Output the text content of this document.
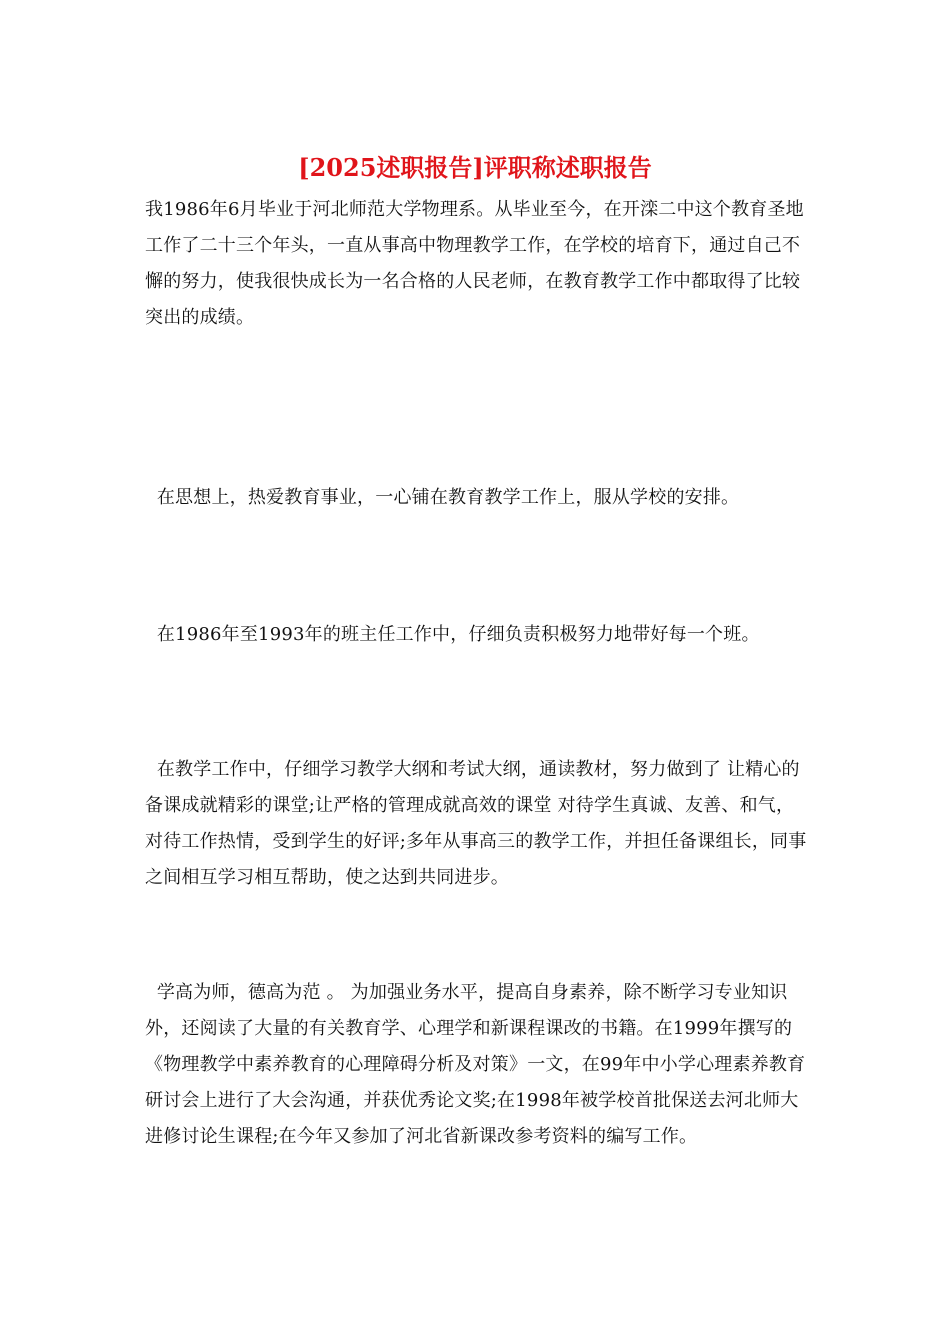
[2025述职报告]评职称述职报告

我1986年6月毕业于河北师范大学物理系。从毕业至今，在开滦二中这个教育圣地工作了二十三个年头，一直从事高中物理教学工作，在学校的培育下，通过自己不懈的努力，使我很快成长为一名合格的人民老师，在教育教学工作中都取得了比较突出的成绩。

在思想上，热爱教育事业，一心铺在教育教学工作上，服从学校的安排。

在1986年至1993年的班主任工作中，仔细负责积极努力地带好每一个班。

在教学工作中，仔细学习教学大纲和考试大纲，通读教材，努力做到了 让精心的备课成就精彩的课堂;让严格的管理成就高效的课堂 对待学生真诚、友善、和气，对待工作热情，受到学生的好评;多年从事高三的教学工作，并担任备课组长，同事之间相互学习相互帮助，使之达到共同进步。

学高为师，德高为范 。 为加强业务水平，提高自身素养，除不断学习专业知识外，还阅读了大量的有关教育学、心理学和新课程课改的书籍。在1999年撰写的《物理教学中素养教育的心理障碍分析及对策》一文，在99年中小学心理素养教育研讨会上进行了大会沟通，并获优秀论文奖;在1998年被学校首批保送去河北师大进修讨论生课程;在今年又参加了河北省新课改参考资料的编写工作。
